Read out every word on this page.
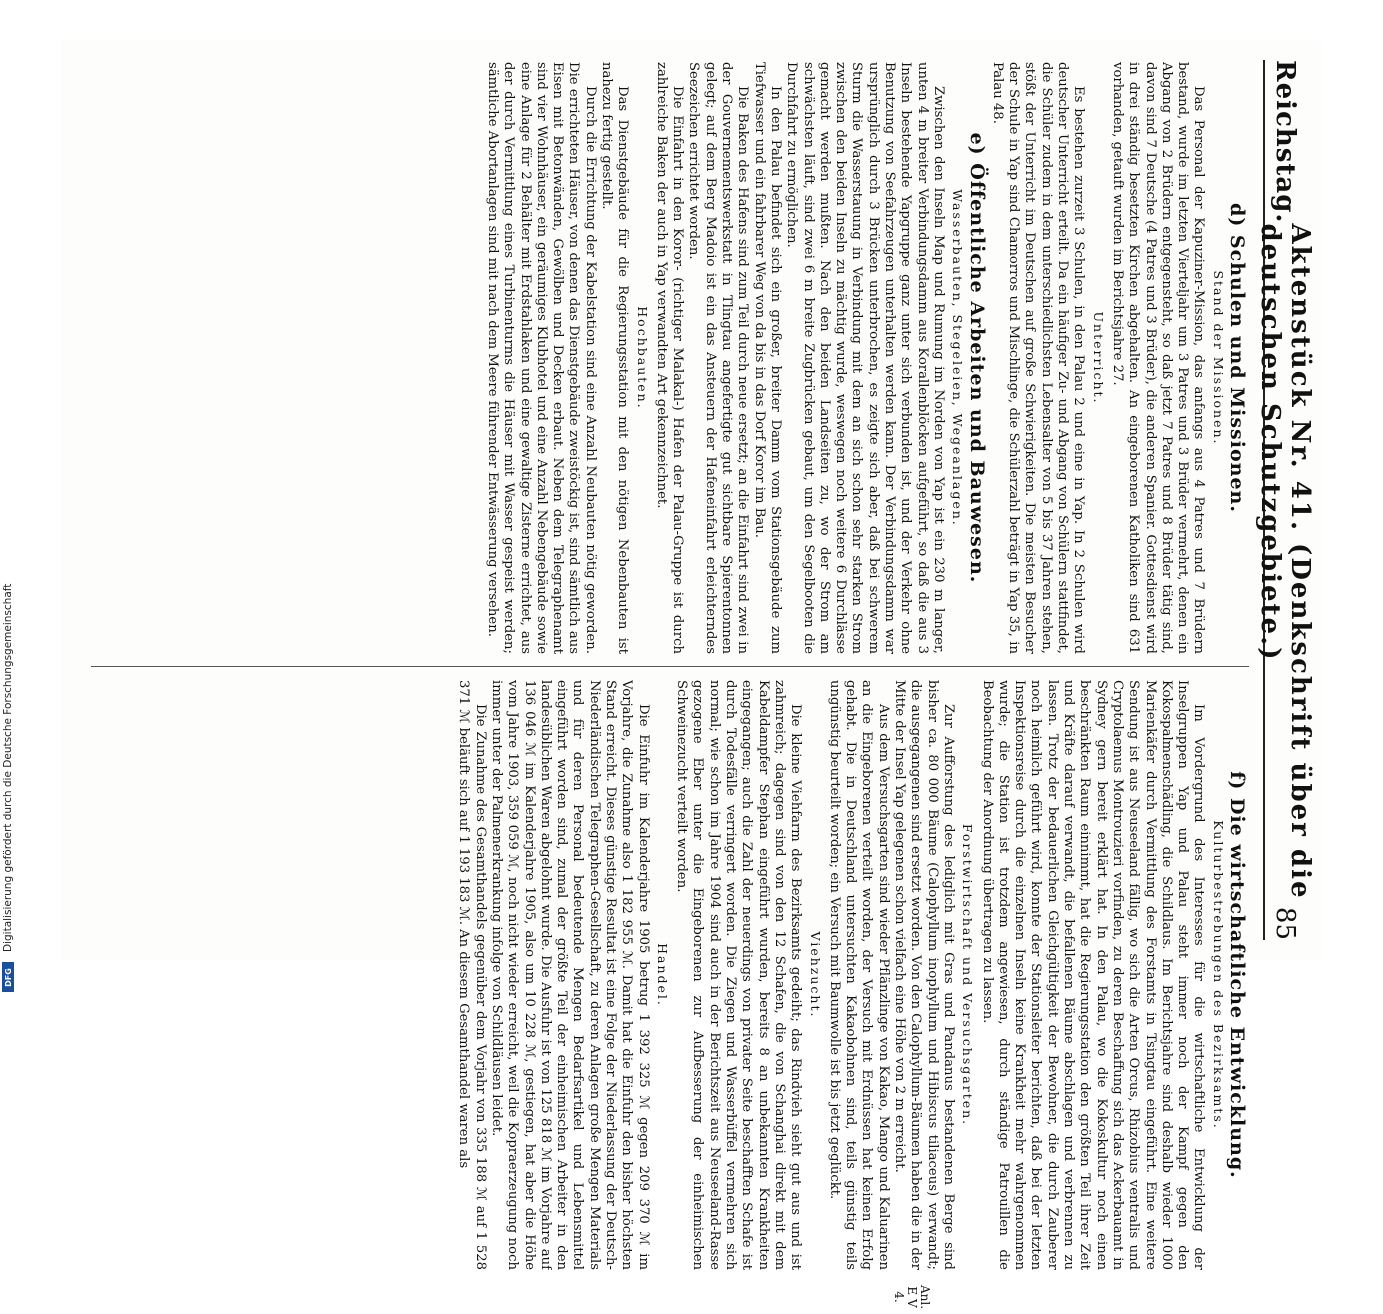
Reichstag.
Aktenstück Nr. 41. (Denkschrift über die deutschen Schutzgebiete.)
85
d) Schulen und Missionen.
Stand der Missionen.

Das Personal der Kapuziner-Mission, das anfangs aus 4 Patres und 7 Brüdern bestand, wurde im letzten Vierteljahr um 3 Patres und 3 Brüder vermehrt, denen ein Abgang von 2 Brüdern entgegensteht, so daß jetzt 7 Patres und 8 Brüder tätig sind, davon sind 7 Deutsche (4 Patres und 3 Brüder), die anderen Spanier. Gottesdienst wird in drei ständig besetzten Kirchen abgehalten. An eingeborenen Katholiken sind 631 vorhanden, getauft wurden im Berichtsjahre 27.

Unterricht.

Es bestehen zurzeit 3 Schulen, in den Palau 2 und eine in Yap. In 2 Schulen wird deutscher Unterricht erteilt. Da ein häufiger Zu- und Abgang von Schülern stattfindet, die Schüler zudem in dem unterschiedlichsten Lebensalter von 5 bis 37 Jahren stehen, stößt der Unterricht im Deutschen auf große Schwierigkeiten. Die meisten Besucher der Schule in Yap sind Chamorros und Mischlinge, die Schülerzahl beträgt in Yap 35, in Palau 48.

e) Öffentliche Arbeiten und Bauwesen.
Wasserbauten, Stegeleien, Wegeanlagen.

Zwischen den Inseln Map und Rumung im Norden von Yap ist ein 230 m langer, unten 4 m breiter Verbindungsdamm aus Korallenblöcken aufgeführt, so daß die aus 3 Inseln bestehende Yapgruppe ganz unter sich verbunden ist, und der Verkehr ohne Benutzung von Seefahrzeugen unterhalten werden kann. Der Verbindungsdamm war ursprünglich durch 3 Brücken unterbrochen, es zeigte sich aber, daß bei schwerem Sturm die Wasserstauung in Verbindung mit dem an sich schon sehr starken Strom zwischen den beiden Inseln zu mächtig wurde, weswegen noch weitere 6 Durchlässe gemacht werden mußten. Nach den beiden Landseiten zu, wo der Strom am schwächsten läuft, sind zwei 6 m breite Zugbrücken gebaut, um den Segelbooten die Durchfahrt zu ermöglichen.

In den Palau befindet sich ein großer, breiter Damm vom Stationsgebäude zum Tiefwasser und ein fahrbarer Weg von da bis in das Dorf Koror im Bau.

Die Baken des Hafens sind zum Teil durch neue ersetzt; an die Einfahrt sind zwei in der Gouvernementswerkstatt in Tlingtau angefertigte gut sichtbare Spierentonnen gelegt; auf dem Berg Madoio ist ein das Ansteuern der Hafeneinfahrt erleichterndes Seezeichen errichtet worden.

Die Einfahrt in den Koror- (richtiger Malakal-) Hafen der Palau-Gruppe ist durch zahlreiche Baken der auch in Yap verwandten Art gekennzeichnet.

Hochbauten.

Das Dienstgebäude für die Regierungsstation mit den nötigen Nebenbauten ist nahezu fertig gestellt.

Durch die Errichtung der Kabelstation sind eine Anzahl Neubauten nötig geworden. Die errichteten Häuser, von denen das Dienstgebäude zweistöckig ist, sind sämtlich aus Eisen mit Betonwänden, Gewölben und Decken erbaut. Neben dem Telegraphenamt sind vier Wohnhäuser, ein geräumiges Klubhotel und eine Anzahl Nebengebäude sowie eine Anlage für 2 Behälter mit Erdstahlaken und eine gewaltige Zisterne errichtet, aus der durch Vermittlung eines Turbinenturms die Häuser mit Wasser gespeist werden; sämtliche Abortanlagen sind mit nach dem Meere führender Entwässerung versehen.

f) Die wirtschaftliche Entwicklung.
Kulturbestrebungen des Bezirksamts.

Im Vordergrund des Interesses für die wirtschaftliche Entwicklung der Inselgruppen Yap und Palau steht immer noch der Kampf gegen den Kokospalmenschädling, die Schildlaus. Im Berichtsjahre sind deshalb wieder 1000 Marienkäfer durch Vermittlung des Forstamts in Tsingtau eingeführt. Eine weitere Sendung ist aus Neuseeland fällig, wo sich die Arten Orcus, Rhizobius ventralis und Cryptolaemus Montrouzieri vorfinden, zu deren Beschaffung sich das Ackerbauamt in Sydney gern bereit erklärt hat. In den Palau, wo die Kokoskultur noch einen beschränkten Raum einnimmt, hat die Regierungsstation den größten Teil ihrer Zeit und Kräfte darauf verwandt, die befallenen Bäume abschlagen und verbrennen zu lassen. Trotz der bedauerlichen Gleichgültigkeit der Bewohner, die durch Zauberer noch heimlich geführt wird, konnte der Stationsleiter berichten, daß bei der letzten Inspektionsreise durch die einzelnen Inseln keine Krankheit mehr wahrgenommen wurde; die Station ist trotzdem angewiesen, durch ständige Patrouillen die Beobachtung der Anordnung übertragen zu lassen.

Forstwirtschaft und Versuchsgarten.

Zur Aufforstung des lediglich mit Gras und Pandanus bestandenen Berge sind bisher ca. 80 000 Bäume (Calophyllum inophyllum und Hibiscus tiliaceus) verwandt; die ausgegangenen sind ersetzt worden. Von den Calophyllum-Bäumen haben die in der Mitte der Insel Yap gelegenen schon vielfach eine Höhe von 2 m erreicht.

Aus dem Versuchsgarten sind wieder Pflänzlinge von Kakao, Mango und Kaluarinen an die Eingeborenen verteilt worden, der Versuch mit Erdnüssen hat keinen Erfolg gehabt. Die in Deutschland untersuchten Kakaobohnen sind, teils günstig teils ungünstig beurteilt worden; ein Versuch mit Baumwolle ist bis jetzt geglückt.

Viehzucht.

Die kleine Viehfarm des Bezirksamts gedeiht; das Rindvieh sieht gut aus und ist zahmreich; dagegen sind von den 12 Schafen, die von Schanghai direkt mit dem Kabeldampfer Stephan eingeführt wurden, bereits 8 an unbekannten Krankheiten eingegangen; auch die Zahl der neuerdings von privater Seite beschafften Schafe ist durch Todesfälle verringert worden. Die Ziegen und Wasserbüffel vermehren sich normal; wie schon im Jahre 1904 sind auch in der Berichtszeit aus Neuseeland-Rasse gezogene Eber unter die Eingeborenen zur Aufbesserung der einheimischen Schweinezucht verteilt worden.

Handel.

Die Einfuhr im Kalenderjahre 1905 betrug 1 392 325 ℳ gegen 209 370 ℳ im Vorjahre, die Zunahme also 1 182 955 ℳ. Damit hat die Einfuhr den bisher höchsten Stand erreicht. Dieses günstige Resultat ist eine Folge der Niederlassung der Deutsch-Niederländischen Telegraphen-Gesellschaft, zu deren Anlagen große Mengen Materials und für deren Personal bedeutende Mengen Bedarfsartikel und Lebensmittel eingeführt worden sind, zumal der größte Teil der einheimischen Arbeiter in den landesüblichen Waren abgelohnt wurde. Die Ausfuhr ist von 125 818 ℳ im Vorjahre auf 136 046 ℳ im Kalenderjahre 1905, also um 10 228 ℳ, gestiegen, hat aber die Höhe vom Jahre 1903, 359 059 ℳ, noch nicht wieder erreicht, weil die Kopraerzeugung noch immer unter der Palmenerkrankung infolge von Schildläusen leidet.

Die Zunahme des Gesamthandels gegenüber dem Vorjahr von 335 188 ℳ auf 1 528 371 ℳ beläuft sich auf 1 193 183 ℳ. An diesem Gesamthandel waren als

Anl. E V 4.
Digitalisierung gefördert durch die Deutsche Forschungsgemeinschaft
DFG
